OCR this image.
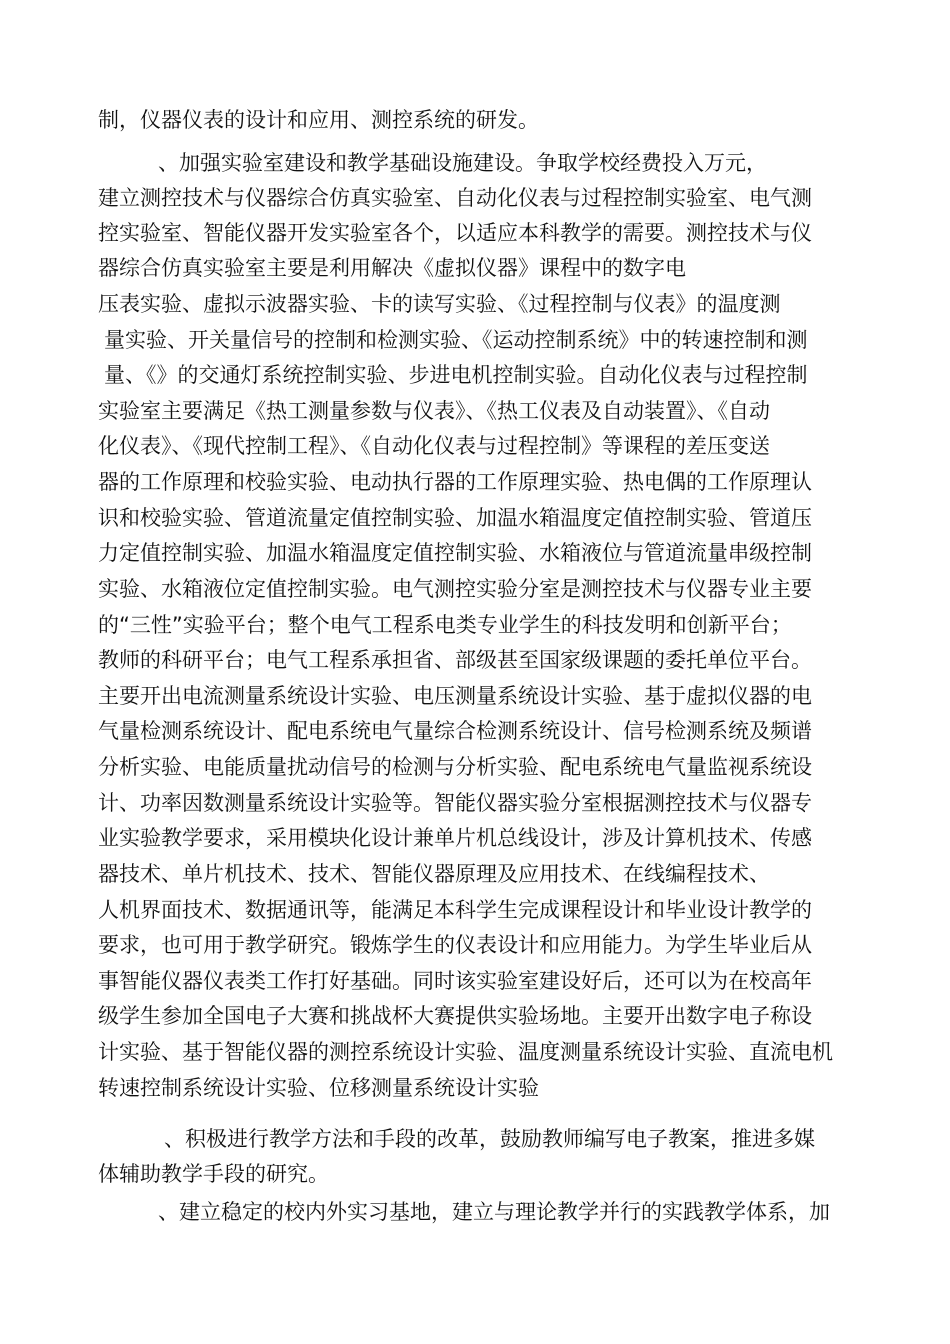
制，仪器仪表的设计和应用、测控系统的研发。
、加强实验室建设和教学基础设施建设。争取学校经费投入万元，
建立测控技术与仪器综合仿真实验室、自动化仪表与过程控制实验室、电气测
控实验室、智能仪器开发实验室各个，以适应本科教学的需要。测控技术与仪
器综合仿真实验室主要是利用解决《虚拟仪器》课程中的数字电
压表实验、虚拟示波器实验、卡的读写实验、《过程控制与仪表》的温度测
量实验、开关量信号的控制和检测实验、《运动控制系统》中的转速控制和测
量、《》的交通灯系统控制实验、步进电机控制实验。自动化仪表与过程控制
实验室主要满足《热工测量参数与仪表》、《热工仪表及自动装置》、《自动
化仪表》、《现代控制工程》、《自动化仪表与过程控制》等课程的差压变送
器的工作原理和校验实验、电动执行器的工作原理实验、热电偶的工作原理认
识和校验实验、管道流量定值控制实验、加温水箱温度定值控制实验、管道压
力定值控制实验、加温水箱温度定值控制实验、水箱液位与管道流量串级控制
实验、水箱液位定值控制实验。电气测控实验分室是测控技术与仪器专业主要
的“三性”实验平台；整个电气工程系电类专业学生的科技发明和创新平台；
教师的科研平台；电气工程系承担省、部级甚至国家级课题的委托单位平台。
主要开出电流测量系统设计实验、电压测量系统设计实验、基于虚拟仪器的电
气量检测系统设计、配电系统电气量综合检测系统设计、信号检测系统及频谱
分析实验、电能质量扰动信号的检测与分析实验、配电系统电气量监视系统设
计、功率因数测量系统设计实验等。智能仪器实验分室根据测控技术与仪器专
业实验教学要求，采用模块化设计兼单片机总线设计，涉及计算机技术、传感
器技术、单片机技术、技术、智能仪器原理及应用技术、在线编程技术、
人机界面技术、数据通讯等，能满足本科学生完成课程设计和毕业设计教学的
要求，也可用于教学研究。锻炼学生的仪表设计和应用能力。为学生毕业后从
事智能仪器仪表类工作打好基础。同时该实验室建设好后，还可以为在校高年
级学生参加全国电子大赛和挑战杯大赛提供实验场地。主要开出数字电子称设
计实验、基于智能仪器的测控系统设计实验、温度测量系统设计实验、直流电机
转速控制系统设计实验、位移测量系统设计实验
、积极进行教学方法和手段的改革，鼓励教师编写电子教案，推进多媒
体辅助教学手段的研究。
、建立稳定的校内外实习基地，建立与理论教学并行的实践教学体系，加
